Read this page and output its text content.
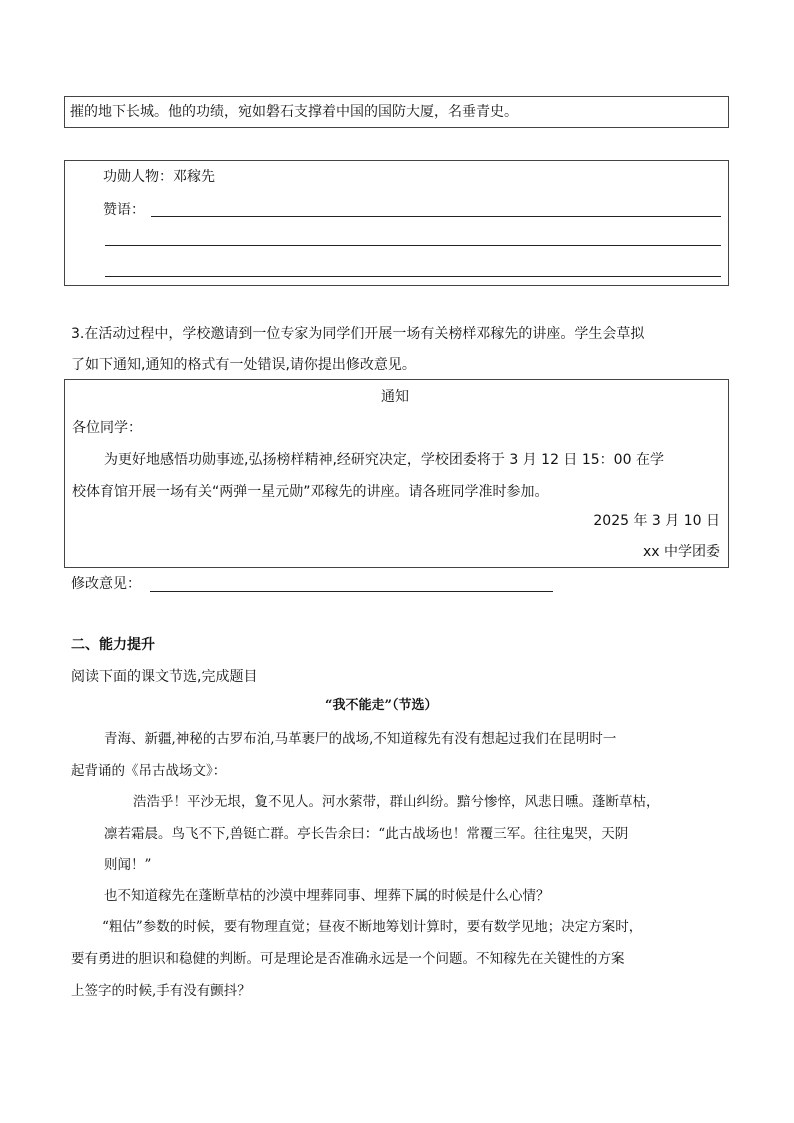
摧的地下长城。他的功绩，宛如磐石支撑着中国的国防大厦，名垂青史。
功勋人物：邓稼先
赞语：
3.在活动过程中，学校邀请到一位专家为同学们开展一场有关榜样邓稼先的讲座。学生会草拟
了如下通知,通知的格式有一处错误,请你提出修改意见。
通知
各位同学：
为更好地感悟功勋事迹,弘扬榜样精神,经研究决定，学校团委将于 3 月 12 日 15：00 在学
校体育馆开展一场有关“两弹一星元勋”邓稼先的讲座。请各班同学准时参加。
2025 年 3 月 10 日
xx 中学团委
修改意见：
二、能力提升
阅读下面的课文节选,完成题目
“我不能走”（节选）
青海、新疆,神秘的古罗布泊,马革裹尸的战场,不知道稼先有没有想起过我们在昆明时一
起背诵的《吊古战场文》：
浩浩乎！平沙无垠，夐不见人。河水萦带，群山纠纷。黯兮惨悴，风悲日曛。蓬断草枯，
凛若霜晨。鸟飞不下,兽铤亡群。亭长告余曰：“此古战场也！常覆三军。往往鬼哭，天阴
则闻！”
也不知道稼先在蓬断草枯的沙漠中埋葬同事、埋葬下属的时候是什么心情？
“粗估”参数的时候，要有物理直觉；昼夜不断地筹划计算时，要有数学见地；决定方案时，
要有勇进的胆识和稳健的判断。可是理论是否准确永远是一个问题。不知稼先在关键性的方案
上签字的时候,手有没有颤抖？
